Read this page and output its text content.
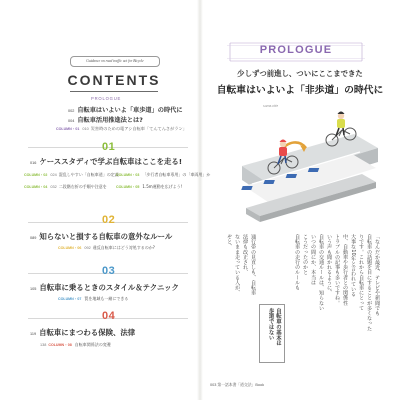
Guidance on road traffic act for Bicycle
CONTENTS
PROLOGUE
002 自転車はいよいよ「車歩道」の時代に
004 自転車活用推進法とは?
COLUMN・01 010 災害時のための電アシ自転車「てんてんさがラン」
01
016 ケーススタディで学ぶ自転車はここを走る!
COLUMN・02 024 混乱しやすい「自転車道」の定義
COLUMN・03 「歩行者自転車専用」の「車両用」か
COLUMN・04 032 二段階右折の手順や注意を	COLUMN・05 1.5m運動を広げよう!
02
089 知らないと損する自転車の意外なルール
COLUMN・06 092 違反自転車にはどう対処するのか?
03
105 自転車に乗るときのスタイル＆テクニック
COLUMN・07 罠を地域も一緒にできる
04
119 自転車にまつわる保険、法律
138 COLUMN・08 自転車関係法の変遷
PROLOGUE
少しずつ前進し、ついにここまできた
自転車はいよいよ「非歩道」の時代に
suma-ride
「なんだか最近、テレビや新聞でも
自転車の話題を目にすることが多くなった
りです。これから自転車にとって
大事な10年と言われている
中、自動車や歩行者との関係性
トラブルの記事も多いですね。
いう声も聞かれるように、
自転車の交通ルールは、知らない
いつの間にか、本当は
こうだったのかと
自転車の走行のルールも
通行帯の見直しも、自転車
法律も改正され、
ないまま走っている人が、
ぞと、
自転車の基本は
歩道ではない
003 第一話本書「道交法」Book
